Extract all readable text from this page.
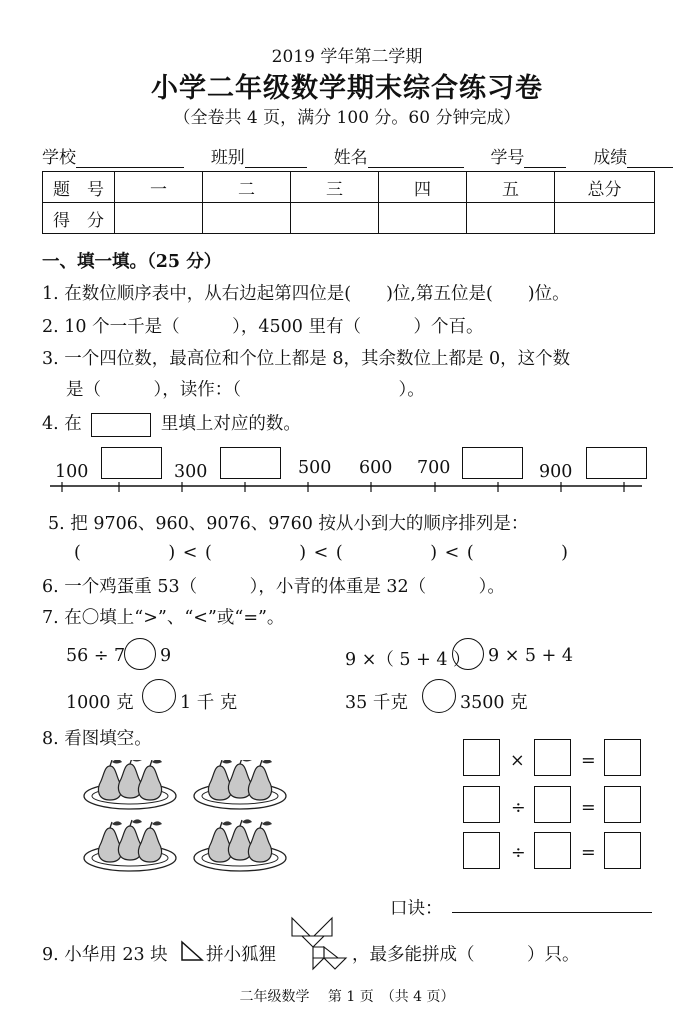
2019 学年第二学期
小学二年级数学期末综合练习卷
（全卷共 4 页，满分 100 分。60 分钟完成）
学校	班别	姓名	学号	成绩
题　号	一	二	三	四	五	总分
得　分						
一、填一填。（25 分）
1. 在数位顺序表中，从右边起第四位是(　　)位,第五位是(　　)位。
2. 10 个一千是（　　　），4500 里有（　　　）个百。
3. 一个四位数，最高位和个位上都是 8，其余数位上都是 0，这个数
是（　　　），读作：（　　　　　　　　　）。
4. 在	里填上对应的数。
100	300	500 600 700	900
5. 把 9706、960、9076、9760 按从小到大的顺序排列是：
(　　　　　) < (　　　　　) < (　　　　　) < (　　　　　)
6. 一个鸡蛋重 53（　　　），小青的体重是 32（　　　）。
7. 在〇填上“>”、“<”或“=”。
56 ÷ 7 9	9 ×（ 5 + 4 ） 9 × 5 + 4
1000 克	1 千 克	35 千克	3500 克
8. 看图填空。
×	=
÷	=
÷	=
口诀：
9. 小华用 23 块 拼小狐狸	，最多能拼成（　　　）只。
二年级数学　 第 1 页　（共 4 页）
